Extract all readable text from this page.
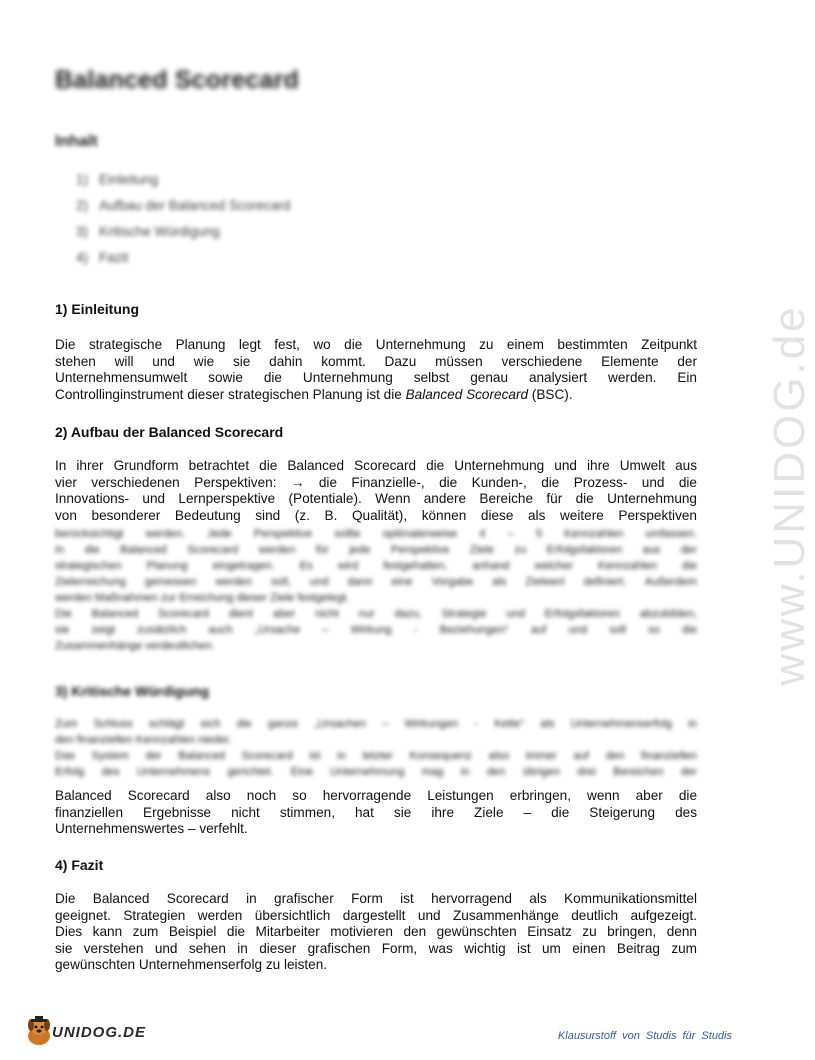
www.UNIDOG.de
Balanced Scorecard
Inhalt
1) Einleitung
2) Aufbau der Balanced Scorecard
3) Kritische Würdigung
4) Fazit
1) Einleitung

Die strategische Planung legt fest, wo die Unternehmung zu einem bestimmten Zeitpunkt
stehen will und wie sie dahin kommt. Dazu müssen verschiedene Elemente der
Unternehmensumwelt sowie die Unternehmung selbst genau analysiert werden. Ein
Controllinginstrument dieser strategischen Planung ist die Balanced Scorecard (BSC).

2) Aufbau der Balanced Scorecard

In ihrer Grundform betrachtet die Balanced Scorecard die Unternehmung und ihre Umwelt aus
vier verschiedenen Perspektiven: → die Finanzielle-, die Kunden-, die Prozess- und die
Innovations- und Lernperspektive (Potentiale). Wenn andere Bereiche für die Unternehmung
von besonderer Bedeutung sind (z. B. Qualität), können diese als weitere Perspektiven

berücksichtigt werden. Jede Perspektive sollte optimalerweise 4 – 5 Kennzahlen umfassen.
In die Balanced Scorecard werden für jede Perspektive Ziele zu Erfolgsfaktoren aus der
strategischen Planung eingetragen. Es wird festgehalten, anhand welcher Kennzahlen die
Zielerreichung gemessen werden soll, und dann eine Vorgabe als Zielwert definiert. Außerdem
werden Maßnahmen zur Erreichung dieser Ziele festgelegt.
Die Balanced Scorecard dient aber nicht nur dazu, Strategie und Erfolgsfaktoren abzubilden,
sie zeigt zusätzlich auch „Ursache – Wirkung - Beziehungen“ auf und soll so die
Zusammenhänge verdeutlichen.

3) Kritische Würdigung

Zum Schluss schlägt sich die ganze „Ursachen – Wirkungen - Kette“ als Unternehmenserfolg in
den finanziellen Kennzahlen nieder.
Das System der Balanced Scorecard ist in letzter Konsequenz also immer auf den finanziellen
Erfolg des Unternehmens gerichtet. Eine Unternehmung mag in den übrigen drei Bereichen der

Balanced Scorecard also noch so hervorragende Leistungen erbringen, wenn aber die
finanziellen Ergebnisse nicht stimmen, hat sie ihre Ziele – die Steigerung des
Unternehmenswertes – verfehlt.

4) Fazit

Die Balanced Scorecard in grafischer Form ist hervorragend als Kommunikationsmittel
geeignet. Strategien werden übersichtlich dargestellt und Zusammenhänge deutlich aufgezeigt.
Dies kann zum Beispiel die Mitarbeiter motivieren den gewünschten Einsatz zu bringen, denn
sie verstehen und sehen in dieser grafischen Form, was wichtig ist um einen Beitrag zum
gewünschten Unternehmenserfolg zu leisten.

UNIDOG.DE	Klausurstoff von Studis für Studis
